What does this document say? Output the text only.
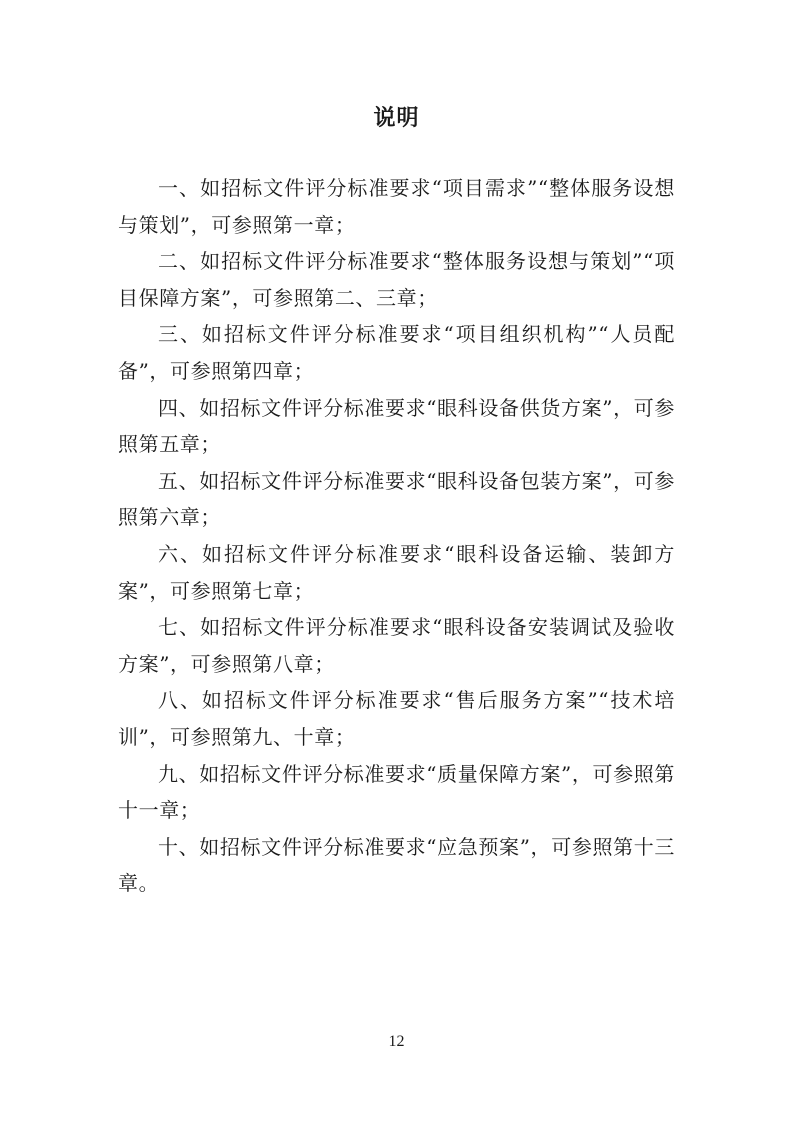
说明

一、如招标文件评分标准要求“项目需求”“整体服务设想与策划”，可参照第一章；

二、如招标文件评分标准要求“整体服务设想与策划”“项目保障方案”，可参照第二、三章；

三、如招标文件评分标准要求“项目组织机构”“人员配备”，可参照第四章；

四、如招标文件评分标准要求“眼科设备供货方案”，可参照第五章；

五、如招标文件评分标准要求“眼科设备包装方案”，可参照第六章；

六、如招标文件评分标准要求“眼科设备运输、装卸方案”，可参照第七章；

七、如招标文件评分标准要求“眼科设备安装调试及验收方案”，可参照第八章；

八、如招标文件评分标准要求“售后服务方案”“技术培训”，可参照第九、十章；

九、如招标文件评分标准要求“质量保障方案”，可参照第十一章；

十、如招标文件评分标准要求“应急预案”，可参照第十三章。

12
